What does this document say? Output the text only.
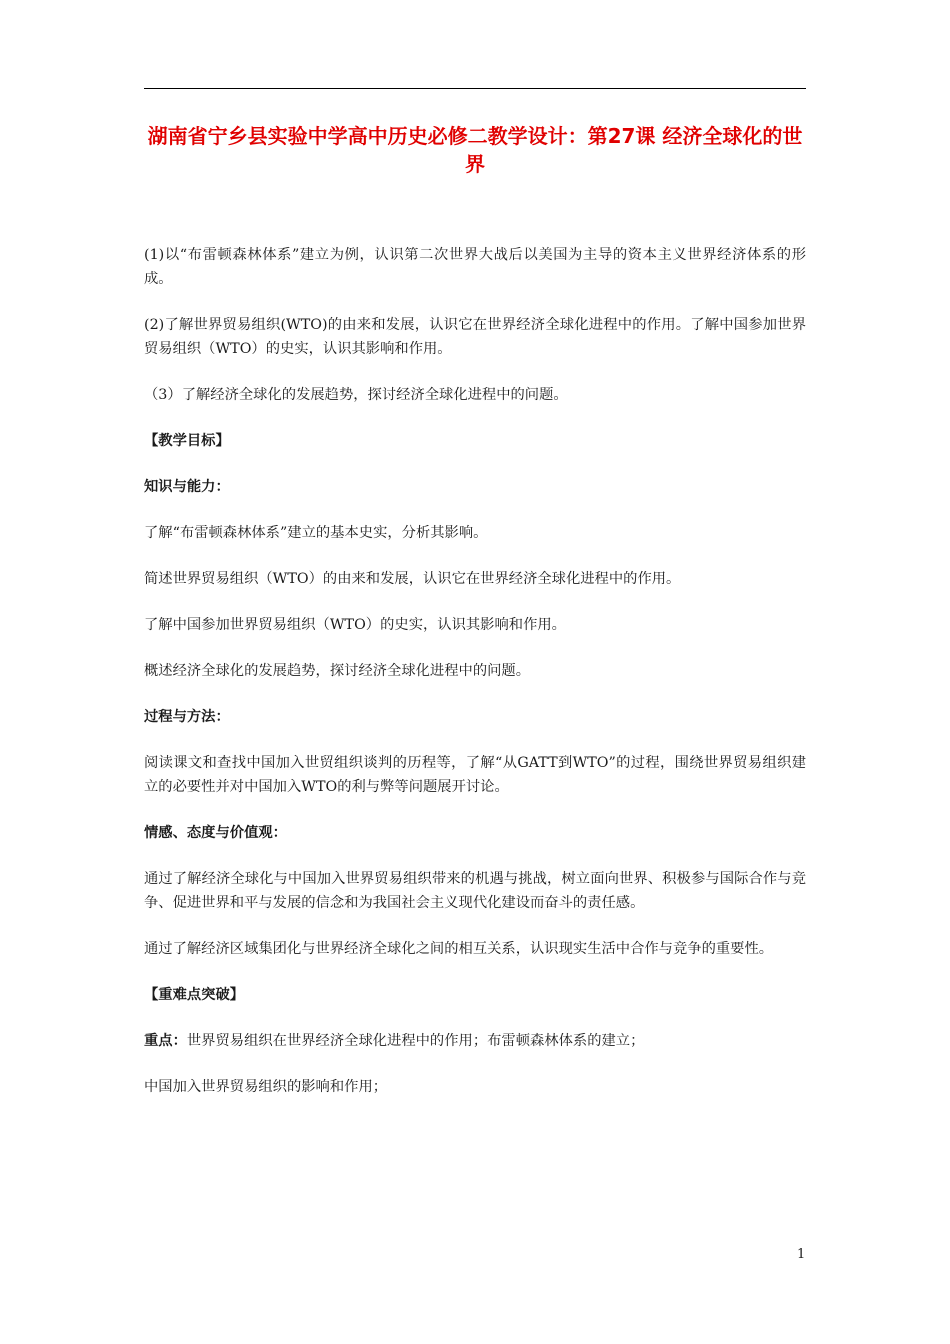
湖南省宁乡县实验中学高中历史必修二教学设计：第27课 经济全球化的世界

(1)以“布雷顿森林体系”建立为例，认识第二次世界大战后以美国为主导的资本主义世界经济体系的形成。

(2)了解世界贸易组织(WTO)的由来和发展，认识它在世界经济全球化进程中的作用。了解中国参加世界贸易组织（WTO）的史实，认识其影响和作用。

（3）了解经济全球化的发展趋势，探讨经济全球化进程中的问题。

【教学目标】

知识与能力：

了解“布雷顿森林体系”建立的基本史实，分析其影响。

简述世界贸易组织（WTO）的由来和发展，认识它在世界经济全球化进程中的作用。

了解中国参加世界贸易组织（WTO）的史实，认识其影响和作用。

概述经济全球化的发展趋势，探讨经济全球化进程中的问题。

过程与方法：

阅读课文和查找中国加入世贸组织谈判的历程等，了解“从GATT到WTO”的过程，围绕世界贸易组织建立的必要性并对中国加入WTO的利与弊等问题展开讨论。

情感、态度与价值观：

通过了解经济全球化与中国加入世界贸易组织带来的机遇与挑战，树立面向世界、积极参与国际合作与竞争、促进世界和平与发展的信念和为我国社会主义现代化建设而奋斗的责任感。

通过了解经济区域集团化与世界经济全球化之间的相互关系，认识现实生活中合作与竞争的重要性。

【重难点突破】

重点：世界贸易组织在世界经济全球化进程中的作用；布雷顿森林体系的建立；

中国加入世界贸易组织的影响和作用；

1
